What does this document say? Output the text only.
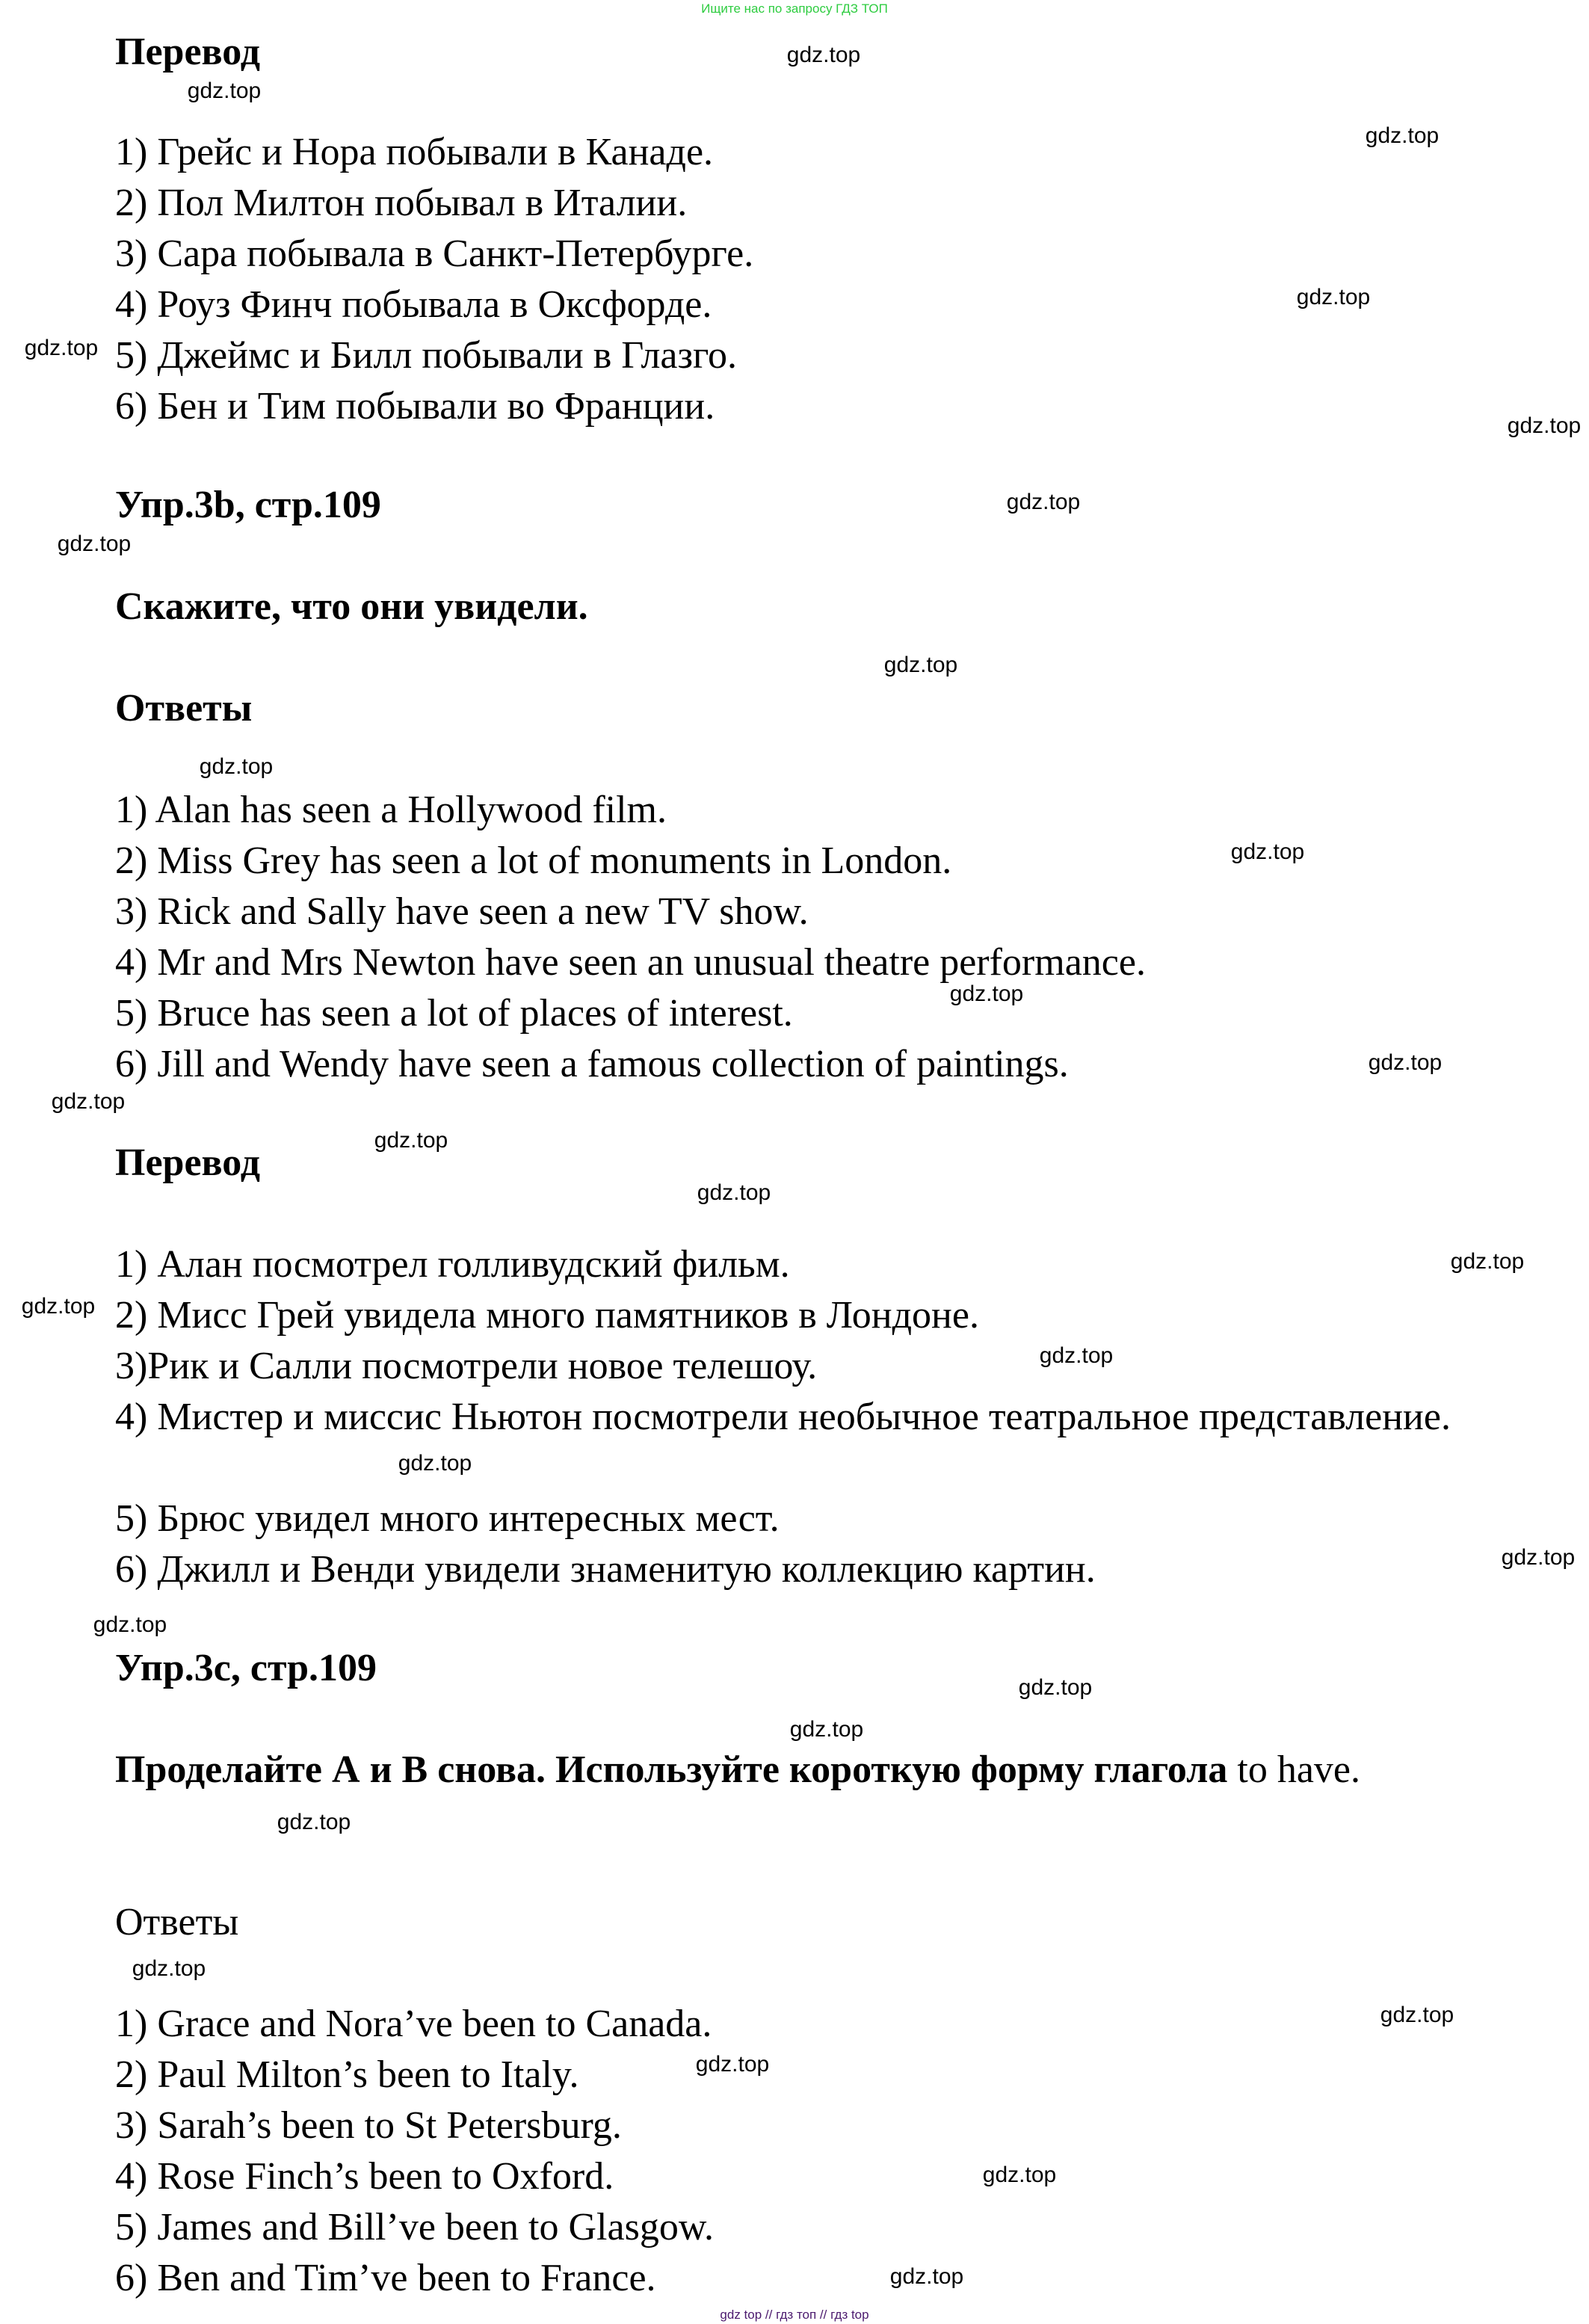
Ищите нас по запросу ГДЗ ТОП
Перевод
1) Грейс и Нора побывали в Канаде.
2) Пол Милтон побывал в Италии.
3) Сара побывала в Санкт-Петербурге.
4) Роуз Финч побывала в Оксфорде.
5) Джеймс и Билл побывали в Глазго.
6) Бен и Тим побывали во Франции.
Упр.3b, стр.109
Скажите, что они увидели.
Ответы
1) Alan has seen a Hollywood film.
2) Miss Grey has seen a lot of monuments in London.
3) Rick and Sally have seen a new TV show.
4) Mr and Mrs Newton have seen an unusual theatre performance.
5) Bruce has seen a lot of places of interest.
6) Jill and Wendy have seen a famous collection of paintings.
Перевод
1) Алан посмотрел голливудский фильм.
2) Мисс Грей увидела много памятников в Лондоне.
3)Рик и Салли посмотрели новое телешоу.
4) Мистер и миссис Ньютон посмотрели необычное театральное представление.
5) Брюс увидел много интересных мест.
6) Джилл и Венди увидели знаменитую коллекцию картин.
Упр.3c, стр.109
Проделайте А и В снова. Используйте короткую форму глагола to have.
Ответы
1) Grace and Nora’ve been to Canada.
2) Paul Milton’s been to Italy.
3) Sarah’s been to St Petersburg.
4) Rose Finch’s been to Oxford.
5) James and Bill’ve been to Glasgow.
6) Ben and Tim’ve been to France.
gdz.top
gdz.top
gdz.top
gdz.top
gdz.top
gdz.top
gdz.top
gdz.top
gdz.top
gdz.top
gdz.top
gdz.top
gdz.top
gdz.top
gdz.top
gdz.top
gdz.top
gdz.top
gdz.top
gdz.top
gdz.top
gdz.top
gdz.top
gdz.top
gdz.top
gdz.top
gdz.top
gdz.top
gdz.top
gdz.top
gdz top // гдз топ // гдз top
